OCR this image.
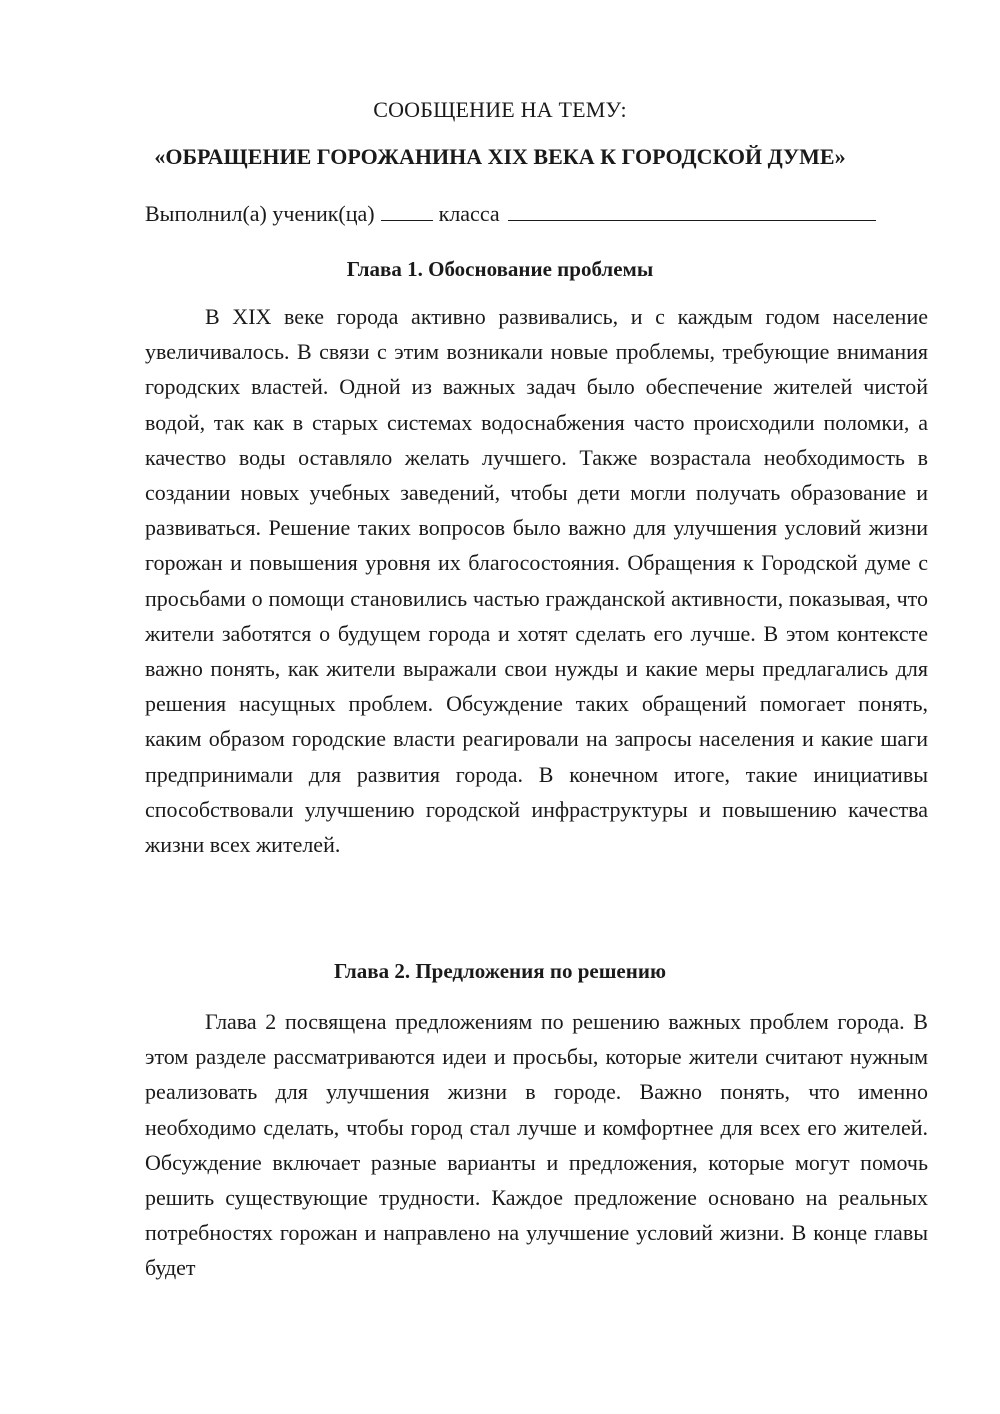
СООБЩЕНИЕ НА ТЕМУ:
«ОБРАЩЕНИЕ ГОРОЖАНИНА XIX ВЕКА К ГОРОДСКОЙ ДУМЕ»
Выполнил(а) ученик(ца)	класса
Глава 1. Обоснование проблемы

В XIX веке города активно развивались, и с каждым годом население увеличивалось. В связи с этим возникали новые проблемы, требующие внимания городских властей. Одной из важных задач было обеспечение жителей чистой водой, так как в старых системах водоснабжения часто происходили поломки, а качество воды оставляло желать лучшего. Также возрастала необходимость в создании новых учебных заведений, чтобы дети могли получать образование и развиваться. Решение таких вопросов было важно для улучшения условий жизни горожан и повышения уровня их благосостояния. Обращения к Городской думе с просьбами о помощи становились частью гражданской активности, показывая, что жители заботятся о будущем города и хотят сделать его лучше. В этом контексте важно понять, как жители выражали свои нужды и какие меры предлагались для решения насущных проблем. Обсуждение таких обращений помогает понять, каким образом городские власти реагировали на запросы населения и какие шаги предпринимали для развития города. В конечном итоге, такие инициативы способствовали улучшению городской инфраструктуры и повышению качества жизни всех жителей.

Глава 2. Предложения по решению

Глава 2 посвящена предложениям по решению важных проблем города. В этом разделе рассматриваются идеи и просьбы, которые жители считают нужным реализовать для улучшения жизни в городе. Важно понять, что именно необходимо сделать, чтобы город стал лучше и комфортнее для всех его жителей. Обсуждение включает разные варианты и предложения, которые могут помочь решить существующие трудности. Каждое предложение основано на реальных потребностях горожан и направлено на улучшение условий жизни. В конце главы будет
